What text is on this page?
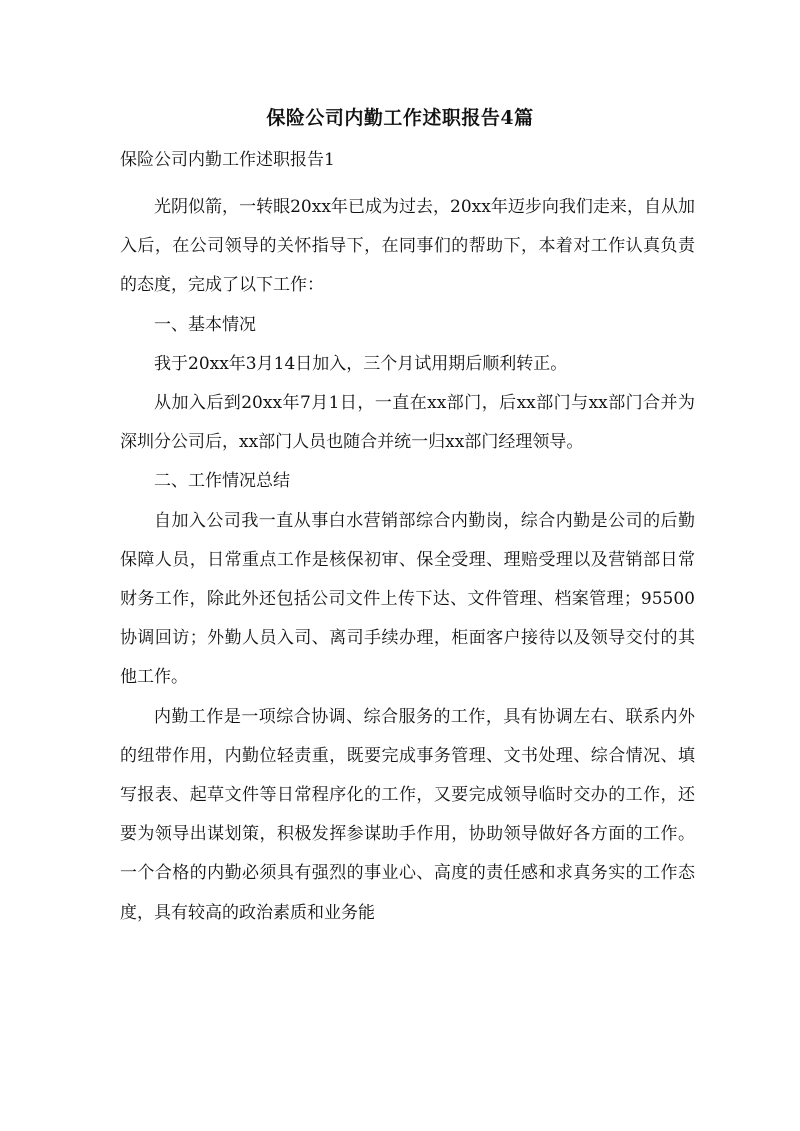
保险公司内勤工作述职报告4篇
保险公司内勤工作述职报告1

光阴似箭，一转眼20xx年已成为过去，20xx年迈步向我们走来，自从加入后，在公司领导的关怀指导下，在同事们的帮助下，本着对工作认真负责的态度，完成了以下工作：

一、基本情况

我于20xx年3月14日加入，三个月试用期后顺利转正。

从加入后到20xx年7月1日，一直在xx部门，后xx部门与xx部门合并为深圳分公司后，xx部门人员也随合并统一归xx部门经理领导。

二、工作情况总结

自加入公司我一直从事白水营销部综合内勤岗，综合内勤是公司的后勤保障人员，日常重点工作是核保初审、保全受理、理赔受理以及营销部日常财务工作，除此外还包括公司文件上传下达、文件管理、档案管理；95500协调回访；外勤人员入司、离司手续办理，柜面客户接待以及领导交付的其他工作。

内勤工作是一项综合协调、综合服务的工作，具有协调左右、联系内外的纽带作用，内勤位轻责重，既要完成事务管理、文书处理、综合情况、填写报表、起草文件等日常程序化的工作，又要完成领导临时交办的工作，还要为领导出谋划策，积极发挥参谋助手作用，协助领导做好各方面的工作。一个合格的内勤必须具有强烈的事业心、高度的责任感和求真务实的工作态度，具有较高的政治素质和业务能
